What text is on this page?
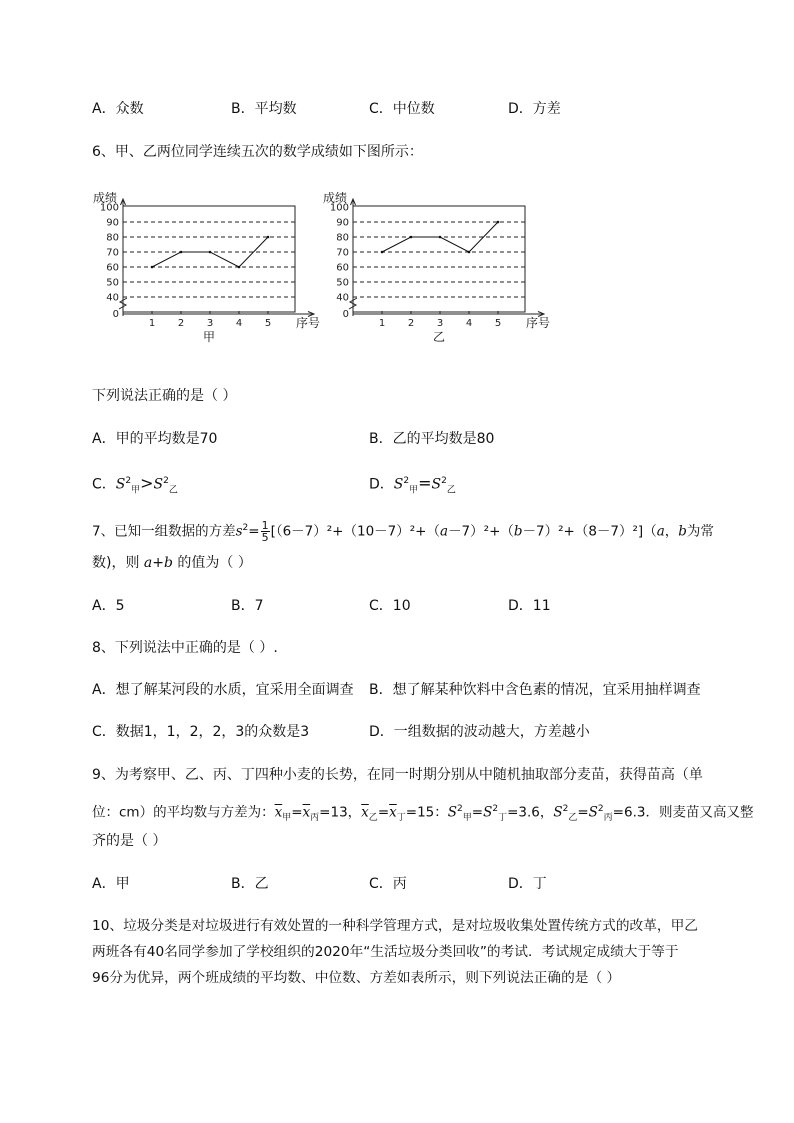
A．众数	B．平均数	C．中位数	D．方差
6、甲、乙两位同学连续五次的数学成绩如下图所示：
0
40
50
60
70
80
90
100
成绩
1 2 3 4 5 序号
甲
0
40
50
60
70
80
90
100
成绩
1 2 3 4 5 序号
乙
下列说法正确的是（ ）
A．甲的平均数是70	B．乙的平均数是80
C．$S^2_甲>S^2_乙$	D．$S^2_甲=S^2_乙$
7、已知一组数据的方差$s^2= \frac{1}{5} [(6-7)^2+(10-7)^2+(a-7)^2+(b-7)^2+(8-7)^2](a$，b为常
数)，则 a+b 的值为（ ）
A．5	B．7	C．10	D．11
8、下列说法中正确的是（ ）.
A．想了解某河段的水质，宜采用全面调查 B．想了解某种饮料中含色素的情况，宜采用抽样调查
C．数据1，1，2，2，3的众数是3	D．一组数据的波动越大，方差越小
9、为考察甲、乙、丙、丁四种小麦的长势，在同一时期分别从中随机抽取部分麦苗，获得苗高（单
位：cm）的平均数与方差为：$\overline{x}_甲=\overline{x}_丙=13$，$\overline{x}_乙=\overline{x}_丁=15$：$S^2_甲=S^2_丁=3.6$，$S^2_乙=S^2_丙=6.3$．则麦苗又高又整
齐的是（ ）
A．甲	B．乙	C．丙	D．丁
10、垃圾分类是对垃圾进行有效处置的一种科学管理方式，是对垃圾收集处置传统方式的改革，甲乙
两班各有40名同学参加了学校组织的2020年“生活垃圾分类回收”的考试．考试规定成绩大于等于
96分为优异，两个班成绩的平均数、中位数、方差如表所示，则下列说法正确的是（ ）
